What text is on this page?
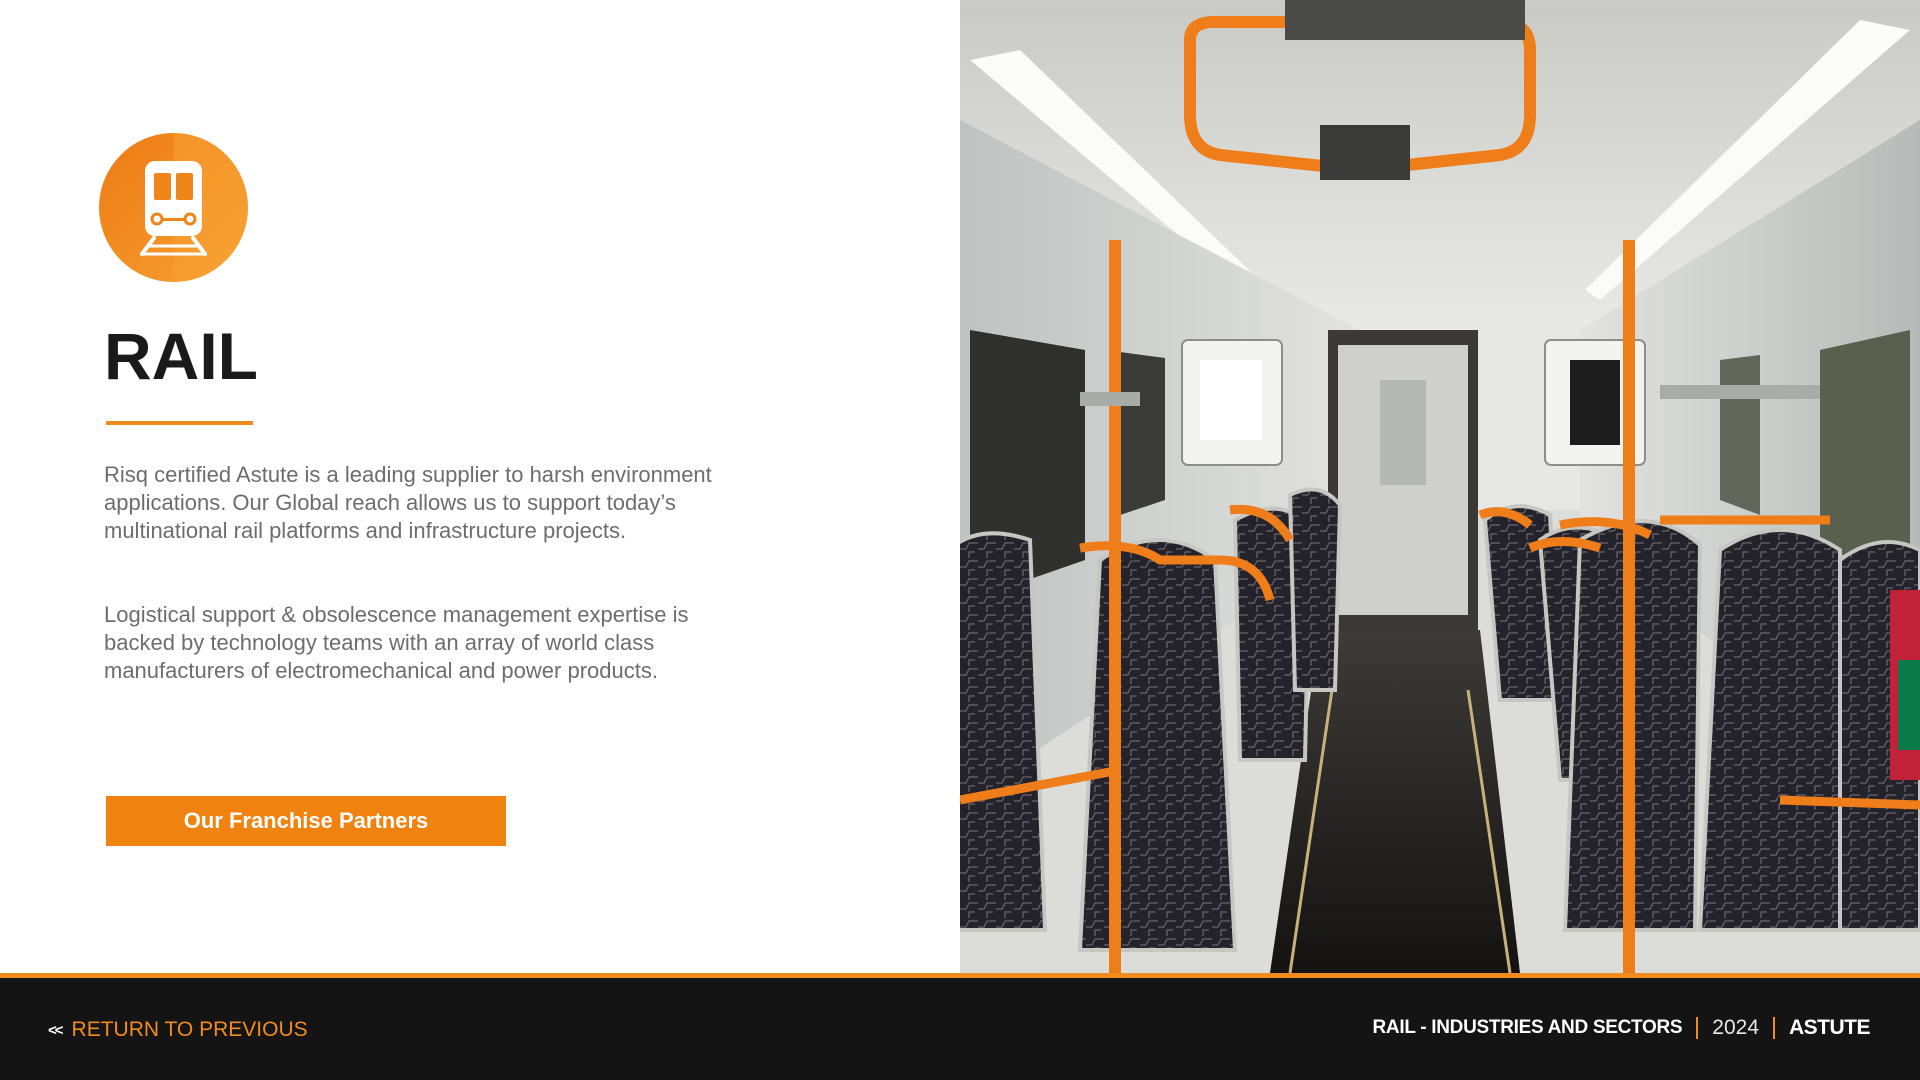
RAIL

Risq certified Astute is a leading supplier to harsh environment applications. Our Global reach allows us to support today’s multinational rail platforms and infrastructure projects.

Logistical support & obsolescence management expertise is backed by technology teams with an array of world class manufacturers of electromechanical and power products.

Our Franchise Partners
<< RETURN TO PREVIOUS	RAIL - INDUSTRIES AND SECTORS 2024 ASTUTE
